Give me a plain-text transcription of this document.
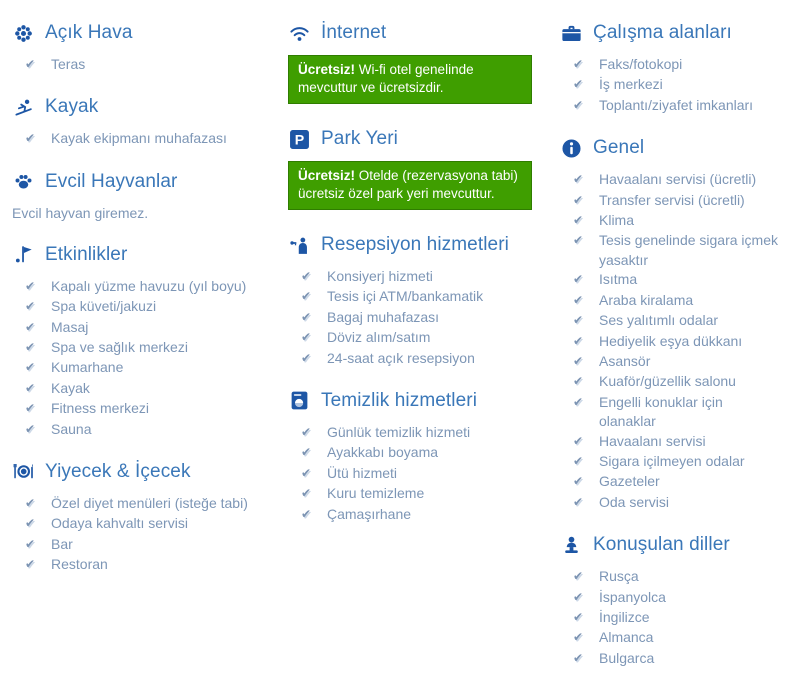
Açık Hava
✔ Teras
Kayak
✔ Kayak ekipmanı muhafazası
Evcil Hayvanlar

Evcil hayvan giremez.

Etkinlikler
✔ Kapalı yüzme havuzu (yıl boyu)
✔ Spa küveti/jakuzi
✔ Masaj
✔ Spa ve sağlık merkezi
✔ Kumarhane
✔ Kayak
✔ Fitness merkezi
✔ Sauna
Yiyecek & İçecek
✔ Özel diyet menüleri (isteğe tabi)
✔ Odaya kahvaltı servisi
✔ Bar
✔ Restoran
İnternet
Ücretsiz! Wi-fi otel genelinde mevcuttur ve ücretsizdir.
P Park Yeri
Ücretsiz! Otelde (rezervasyona tabi) ücretsiz özel park yeri mevcuttur.
Resepsiyon hizmetleri
✔ Konsiyerj hizmeti
✔ Tesis içi ATM/bankamatik
✔ Bagaj muhafazası
✔ Döviz alım/satım
✔ 24-saat açık resepsiyon
Temizlik hizmetleri
✔ Günlük temizlik hizmeti
✔ Ayakkabı boyama
✔ Ütü hizmeti
✔ Kuru temizleme
✔ Çamaşırhane
Çalışma alanları
✔ Faks/fotokopi
✔ İş merkezi
✔ Toplantı/ziyafet imkanları
Genel
✔ Havaalanı servisi (ücretli)
✔ Transfer servisi (ücretli)
✔ Klima
✔ Tesis genelinde sigara içmek yasaktır
✔ Isıtma
✔ Araba kiralama
✔ Ses yalıtımlı odalar
✔ Hediyelik eşya dükkanı
✔ Asansör
✔ Kuaför/güzellik salonu
✔ Engelli konuklar için olanaklar
✔ Havaalanı servisi
✔ Sigara içilmeyen odalar
✔ Gazeteler
✔ Oda servisi
Konuşulan diller
✔ Rusça
✔ İspanyolca
✔ İngilizce
✔ Almanca
✔ Bulgarca
